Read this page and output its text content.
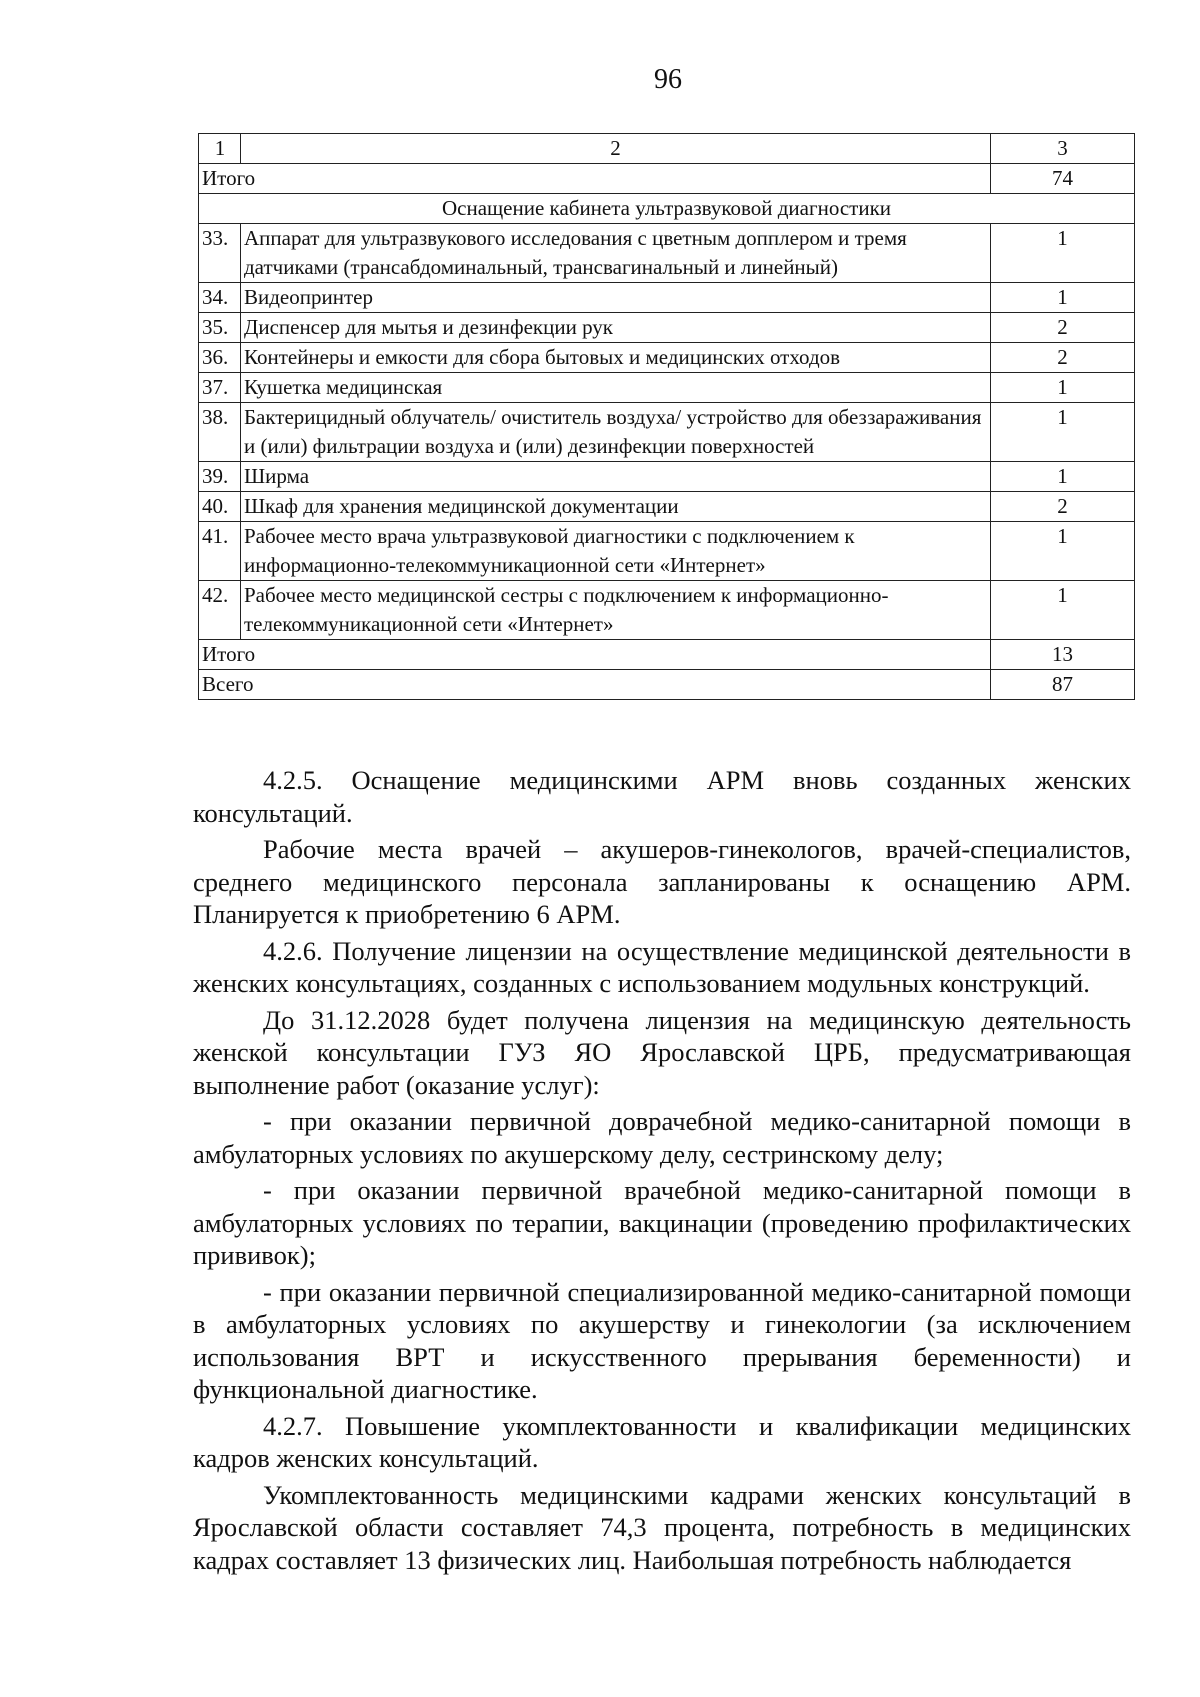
96
1	2	3
Итого		74
Оснащение кабинета ультразвуковой диагностики		
33.	Аппарат для ультразвукового исследования с цветным допплером и тремя датчиками (трансабдоминальный, трансвагинальный и линейный)	1
34.	Видеопринтер	1
35.	Диспенсер для мытья и дезинфекции рук	2
36.	Контейнеры и емкости для сбора бытовых и медицинских отходов	2
37.	Кушетка медицинская	1
38.	Бактерицидный облучатель/ очиститель воздуха/ устройство для обеззараживания и (или) фильтрации воздуха и (или) дезинфекции поверхностей	1
39.	Ширма	1
40.	Шкаф для хранения медицинской документации	2
41.	Рабочее место врача ультразвуковой диагностики с подключением к информационно-телекоммуникационной сети «Интернет»	1
42.	Рабочее место медицинской сестры с подключением к информационно-телекоммуникационной сети «Интернет»	1
Итого		13
Всего		87

4.2.5. Оснащение медицинскими АРМ вновь созданных женских консультаций.

Рабочие места врачей – акушеров-гинекологов, врачей-специалистов, среднего медицинского персонала запланированы к оснащению АРМ. Планируется к приобретению 6 АРМ.

4.2.6. Получение лицензии на осуществление медицинской деятельности в женских консультациях, созданных с использованием модульных конструкций.

До 31.12.2028 будет получена лицензия на медицинскую деятельность женской консультации ГУЗ ЯО Ярославской ЦРБ, предусматривающая выполнение работ (оказание услуг):

- при оказании первичной доврачебной медико-санитарной помощи в амбулаторных условиях по акушерскому делу, сестринскому делу;

- при оказании первичной врачебной медико-санитарной помощи в амбулаторных условиях по терапии, вакцинации (проведению профилактических прививок);

- при оказании первичной специализированной медико-санитарной помощи в амбулаторных условиях по акушерству и гинекологии (за исключением использования ВРТ и искусственного прерывания беременности) и функциональной диагностике.

4.2.7. Повышение укомплектованности и квалификации медицинских кадров женских консультаций.

Укомплектованность медицинскими кадрами женских консультаций в Ярославской области составляет 74,3 процента, потребность в медицинских кадрах составляет 13 физических лиц. Наибольшая потребность наблюдается
